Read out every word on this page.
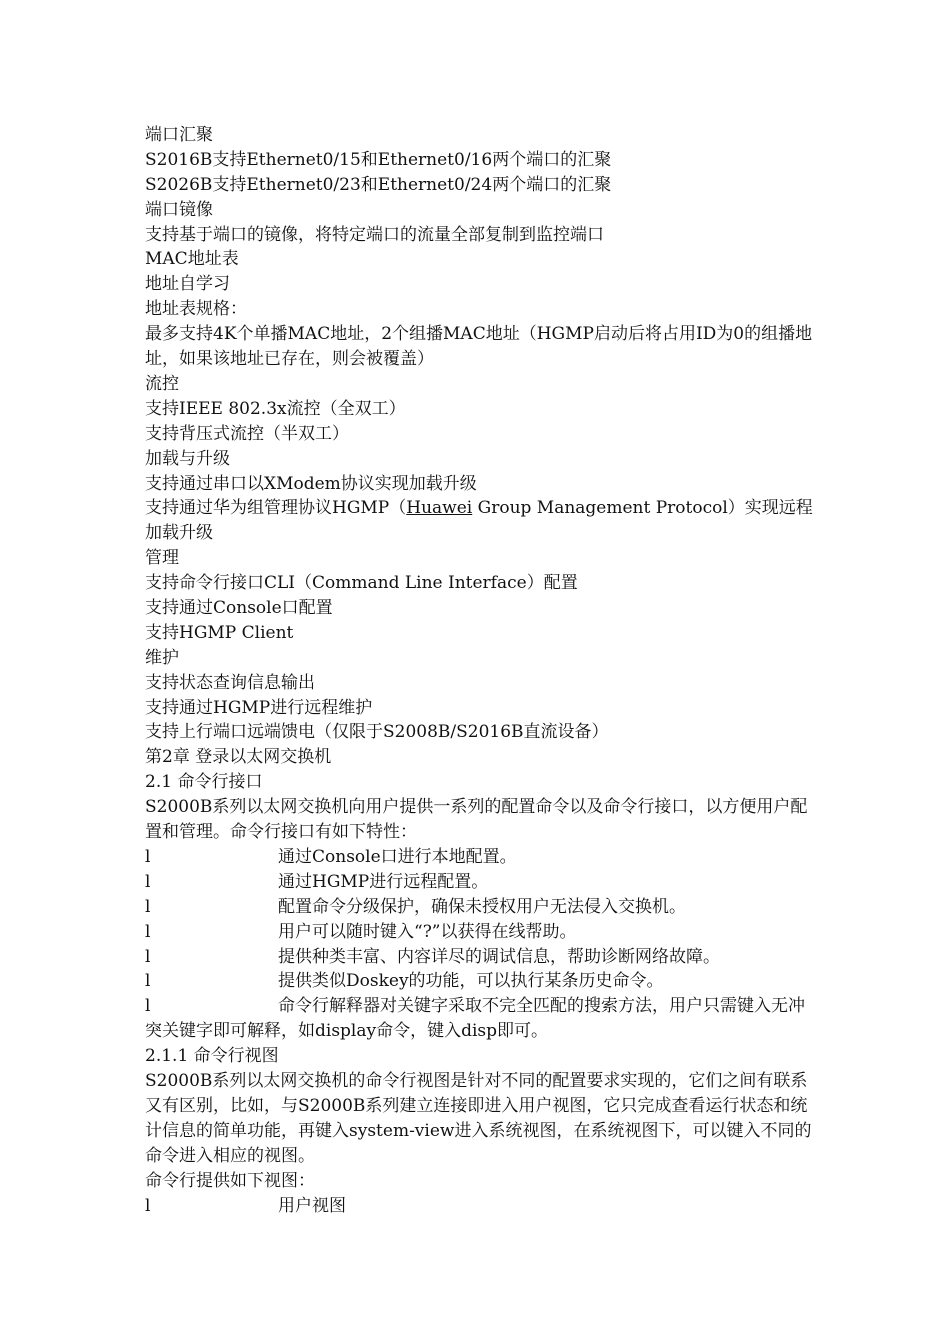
端口汇聚
S2016B支持Ethernet0/15和Ethernet0/16两个端口的汇聚
S2026B支持Ethernet0/23和Ethernet0/24两个端口的汇聚
端口镜像
支持基于端口的镜像，将特定端口的流量全部复制到监控端口
MAC地址表
地址自学习
地址表规格：
最多支持4K个单播MAC地址，2个组播MAC地址（HGMP启动后将占用ID为0的组播地址，如果该地址已存在，则会被覆盖）
流控
支持IEEE 802.3x流控（全双工）
支持背压式流控（半双工）
加载与升级
支持通过串口以XModem协议实现加载升级
支持通过华为组管理协议HGMP（Huawei Group Management Protocol）实现远程加载升级
管理
支持命令行接口CLI（Command Line Interface）配置
支持通过Console口配置
支持HGMP Client
维护
支持状态查询信息输出
支持通过HGMP进行远程维护
支持上行端口远端馈电（仅限于S2008B/S2016B直流设备）
第2章 登录以太网交换机
2.1 命令行接口
S2000B系列以太网交换机向用户提供一系列的配置命令以及命令行接口，以方便用户配置和管理。命令行接口有如下特性：
l	通过Console口进行本地配置。
l	通过HGMP进行远程配置。
l	配置命令分级保护，确保未授权用户无法侵入交换机。
l	用户可以随时键入“?”以获得在线帮助。
l	提供种类丰富、内容详尽的调试信息，帮助诊断网络故障。
l	提供类似Doskey的功能，可以执行某条历史命令。
l	命令行解释器对关键字采取不完全匹配的搜索方法，用户只需键入无冲突关键字即可解释，如display命令，键入disp即可。
2.1.1 命令行视图
S2000B系列以太网交换机的命令行视图是针对不同的配置要求实现的，它们之间有联系又有区别，比如，与S2000B系列建立连接即进入用户视图，它只完成查看运行状态和统计信息的简单功能，再键入system-view进入系统视图，在系统视图下，可以键入不同的命令进入相应的视图。
命令行提供如下视图：
l	用户视图
